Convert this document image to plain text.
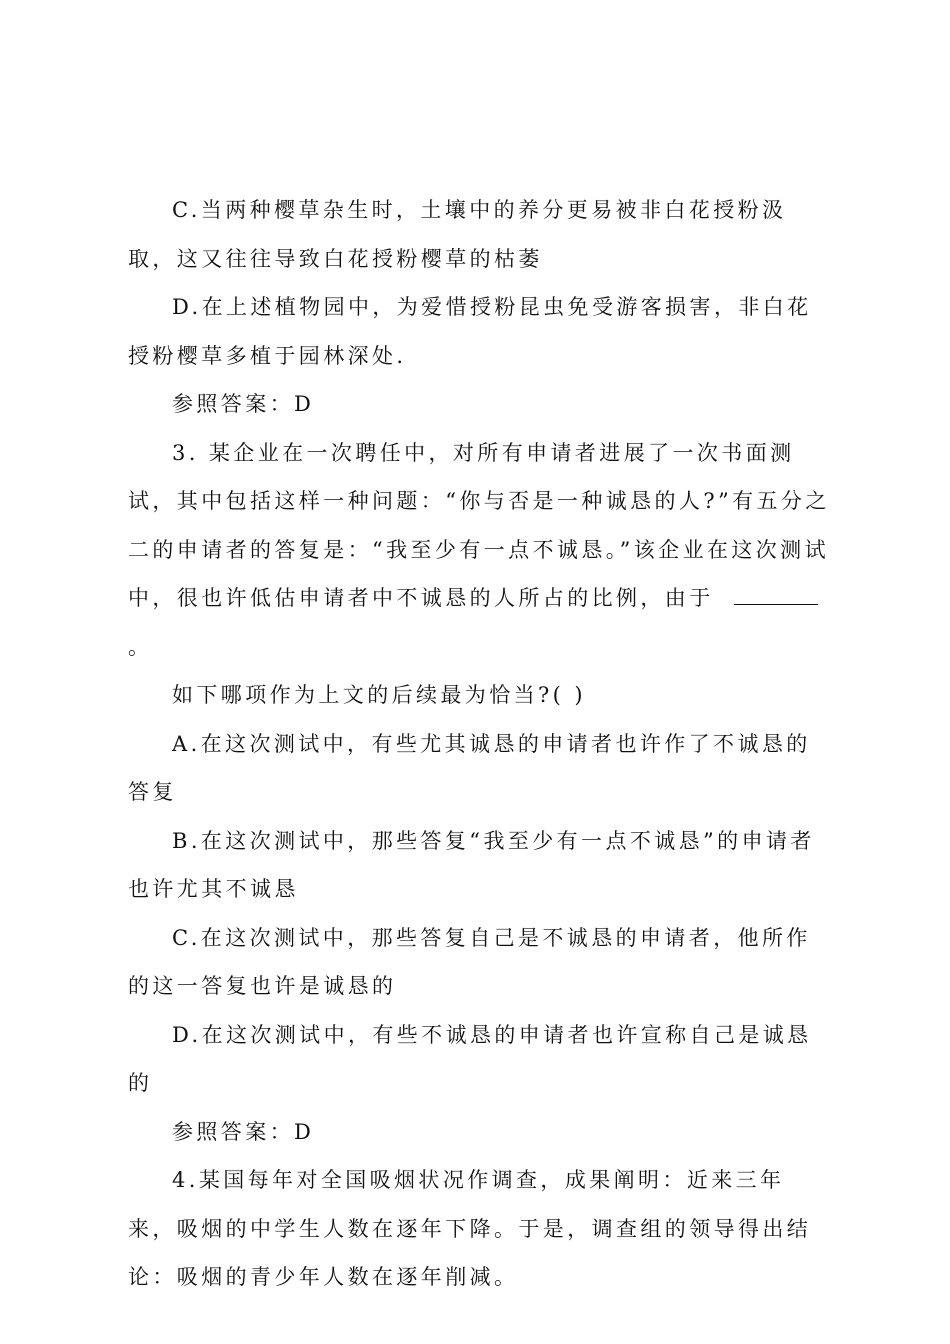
C.当两种樱草杂生时，土壤中的养分更易被非白花授粉汲取，这又往往导致白花授粉樱草的枯萎

D.在上述植物园中，为爱惜授粉昆虫免受游客损害，非白花授粉樱草多植于园林深处.

参照答案：D

3. 某企业在一次聘任中，对所有申请者进展了一次书面测试，其中包括这样一种问题：“你与否是一种诚恳的人?”有五分之二的申请者的答复是：“我至少有一点不诚恳。”该企业在这次测试中，很也许低估申请者中不诚恳的人所占的比例，由于。

如下哪项作为上文的后续最为恰当?( )

A.在这次测试中，有些尤其诚恳的申请者也许作了不诚恳的答复

B.在这次测试中，那些答复“我至少有一点不诚恳”的申请者也许尤其不诚恳

C.在这次测试中，那些答复自己是不诚恳的申请者，他所作的这一答复也许是诚恳的

D.在这次测试中，有些不诚恳的申请者也许宣称自己是诚恳的

参照答案：D

4.某国每年对全国吸烟状况作调查，成果阐明：近来三年来，吸烟的中学生人数在逐年下降。于是，调查组的领导得出结论：吸烟的青少年人数在逐年削减。
